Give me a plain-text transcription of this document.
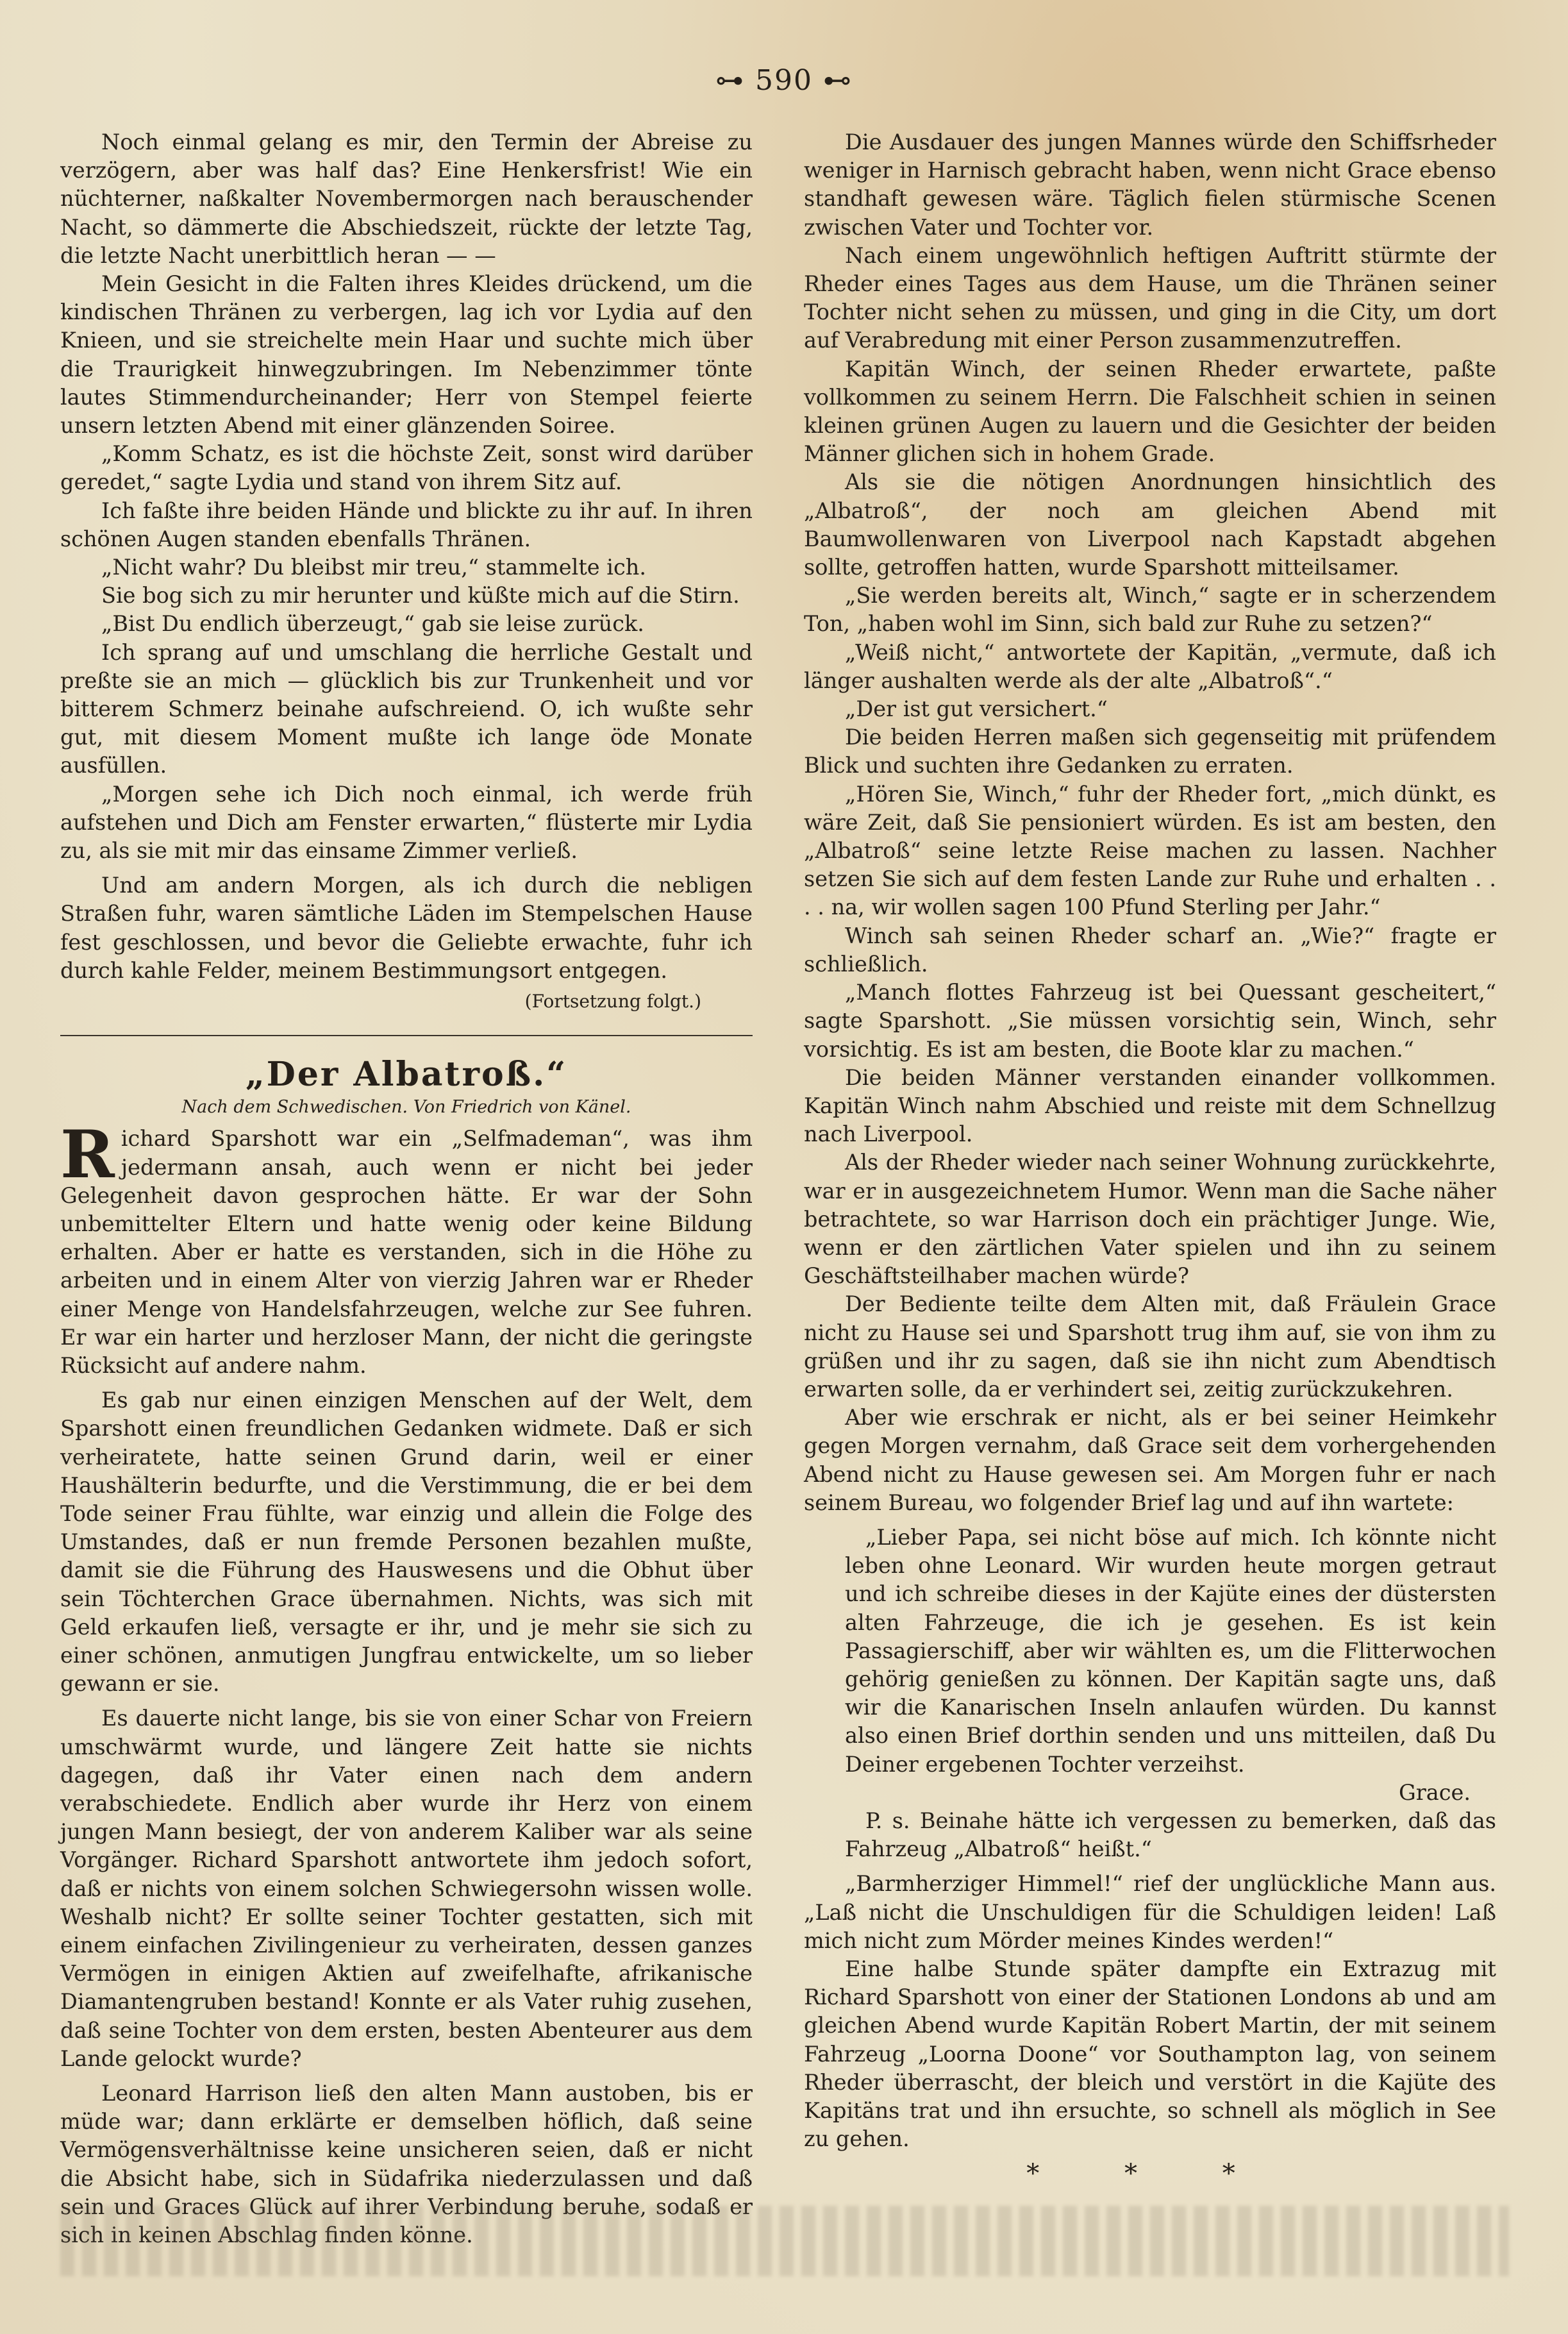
⊶ 590 ⊷

Noch einmal gelang es mir, den Termin der Abreise zu verzögern, aber was half das? Eine Henkersfrist! Wie ein nüchterner, naßkalter Novembermorgen nach berauschender Nacht, so dämmerte die Abschiedszeit, rückte der letzte Tag, die letzte Nacht unerbittlich heran — —

Mein Gesicht in die Falten ihres Kleides drückend, um die kindischen Thränen zu verbergen, lag ich vor Lydia auf den Knieen, und sie streichelte mein Haar und suchte mich über die Traurigkeit hinwegzubringen. Im Nebenzimmer tönte lautes Stimmendurcheinander; Herr von Stempel feierte unsern letzten Abend mit einer glänzenden Soiree.

„Komm Schatz, es ist die höchste Zeit, sonst wird darüber geredet,“ sagte Lydia und stand von ihrem Sitz auf.

Ich faßte ihre beiden Hände und blickte zu ihr auf. In ihren schönen Augen standen ebenfalls Thränen.

„Nicht wahr? Du bleibst mir treu,“ stammelte ich.

Sie bog sich zu mir herunter und küßte mich auf die Stirn.

„Bist Du endlich überzeugt,“ gab sie leise zurück.

Ich sprang auf und umschlang die herrliche Gestalt und preßte sie an mich — glücklich bis zur Trunkenheit und vor bitterem Schmerz beinahe aufschreiend. O, ich wußte sehr gut, mit diesem Moment mußte ich lange öde Monate ausfüllen.

„Morgen sehe ich Dich noch einmal, ich werde früh aufstehen und Dich am Fenster erwarten,“ flüsterte mir Lydia zu, als sie mit mir das einsame Zimmer verließ.

Und am andern Morgen, als ich durch die nebligen Straßen fuhr, waren sämtliche Läden im Stempelschen Hause fest geschlossen, und bevor die Geliebte erwachte, fuhr ich durch kahle Felder, meinem Bestimmungsort entgegen.

(Fortsetzung folgt.)
„Der Albatroß.“
Nach dem Schwedischen. Von Friedrich von Känel.

Richard Sparshott war ein „Selfmademan“, was ihm jedermann ansah, auch wenn er nicht bei jeder Gelegenheit davon gesprochen hätte. Er war der Sohn unbemittelter Eltern und hatte wenig oder keine Bildung erhalten. Aber er hatte es verstanden, sich in die Höhe zu arbeiten und in einem Alter von vierzig Jahren war er Rheder einer Menge von Handelsfahrzeugen, welche zur See fuhren. Er war ein harter und herzloser Mann, der nicht die geringste Rücksicht auf andere nahm.

Es gab nur einen einzigen Menschen auf der Welt, dem Sparshott einen freundlichen Gedanken widmete. Daß er sich verheiratete, hatte seinen Grund darin, weil er einer Haushälterin bedurfte, und die Verstimmung, die er bei dem Tode seiner Frau fühlte, war einzig und allein die Folge des Umstandes, daß er nun fremde Personen bezahlen mußte, damit sie die Führung des Hauswesens und die Obhut über sein Töchterchen Grace übernahmen. Nichts, was sich mit Geld erkaufen ließ, versagte er ihr, und je mehr sie sich zu einer schönen, anmutigen Jungfrau entwickelte, um so lieber gewann er sie.

Es dauerte nicht lange, bis sie von einer Schar von Freiern umschwärmt wurde, und längere Zeit hatte sie nichts dagegen, daß ihr Vater einen nach dem andern verabschiedete. Endlich aber wurde ihr Herz von einem jungen Mann besiegt, der von anderem Kaliber war als seine Vorgänger. Richard Sparshott antwortete ihm jedoch sofort, daß er nichts von einem solchen Schwiegersohn wissen wolle. Weshalb nicht? Er sollte seiner Tochter gestatten, sich mit einem einfachen Zivilingenieur zu verheiraten, dessen ganzes Vermögen in einigen Aktien auf zweifelhafte, afrikanische Diamantengruben bestand! Konnte er als Vater ruhig zusehen, daß seine Tochter von dem ersten, besten Abenteurer aus dem Lande gelockt wurde?

Leonard Harrison ließ den alten Mann austoben, bis er müde war; dann erklärte er demselben höflich, daß seine Vermögensverhältnisse keine unsicheren seien, daß er nicht die Absicht habe, sich in Südafrika niederzulassen und daß sein und Graces Glück auf ihrer Verbindung beruhe, sodaß er sich in keinen Abschlag finden könne.

Die Ausdauer des jungen Mannes würde den Schiffsrheder weniger in Harnisch gebracht haben, wenn nicht Grace ebenso standhaft gewesen wäre. Täglich fielen stürmische Scenen zwischen Vater und Tochter vor.

Nach einem ungewöhnlich heftigen Auftritt stürmte der Rheder eines Tages aus dem Hause, um die Thränen seiner Tochter nicht sehen zu müssen, und ging in die City, um dort auf Verabredung mit einer Person zusammenzutreffen.

Kapitän Winch, der seinen Rheder erwartete, paßte vollkommen zu seinem Herrn. Die Falschheit schien in seinen kleinen grünen Augen zu lauern und die Gesichter der beiden Männer glichen sich in hohem Grade.

Als sie die nötigen Anordnungen hinsichtlich des „Albatroß“, der noch am gleichen Abend mit Baumwollenwaren von Liverpool nach Kapstadt abgehen sollte, getroffen hatten, wurde Sparshott mitteilsamer.

„Sie werden bereits alt, Winch,“ sagte er in scherzendem Ton, „haben wohl im Sinn, sich bald zur Ruhe zu setzen?“

„Weiß nicht,“ antwortete der Kapitän, „vermute, daß ich länger aushalten werde als der alte „Albatroß“.“

„Der ist gut versichert.“

Die beiden Herren maßen sich gegenseitig mit prüfendem Blick und suchten ihre Gedanken zu erraten.

„Hören Sie, Winch,“ fuhr der Rheder fort, „mich dünkt, es wäre Zeit, daß Sie pensioniert würden. Es ist am besten, den „Albatroß“ seine letzte Reise machen zu lassen. Nachher setzen Sie sich auf dem festen Lande zur Ruhe und erhalten . . . . na, wir wollen sagen 100 Pfund Sterling per Jahr.“

Winch sah seinen Rheder scharf an. „Wie?“ fragte er schließlich.

„Manch flottes Fahrzeug ist bei Quessant gescheitert,“ sagte Sparshott. „Sie müssen vorsichtig sein, Winch, sehr vorsichtig. Es ist am besten, die Boote klar zu machen.“

Die beiden Männer verstanden einander vollkommen. Kapitän Winch nahm Abschied und reiste mit dem Schnellzug nach Liverpool.

Als der Rheder wieder nach seiner Wohnung zurückkehrte, war er in ausgezeichnetem Humor. Wenn man die Sache näher betrachtete, so war Harrison doch ein prächtiger Junge. Wie, wenn er den zärtlichen Vater spielen und ihn zu seinem Geschäftsteilhaber machen würde?

Der Bediente teilte dem Alten mit, daß Fräulein Grace nicht zu Hause sei und Sparshott trug ihm auf, sie von ihm zu grüßen und ihr zu sagen, daß sie ihn nicht zum Abendtisch erwarten solle, da er verhindert sei, zeitig zurückzukehren.

Aber wie erschrak er nicht, als er bei seiner Heimkehr gegen Morgen vernahm, daß Grace seit dem vorhergehenden Abend nicht zu Hause gewesen sei. Am Morgen fuhr er nach seinem Bureau, wo folgender Brief lag und auf ihn wartete:

„Lieber Papa, sei nicht böse auf mich. Ich könnte nicht leben ohne Leonard. Wir wurden heute morgen getraut und ich schreibe dieses in der Kajüte eines der düstersten alten Fahrzeuge, die ich je gesehen. Es ist kein Passagierschiff, aber wir wählten es, um die Flitterwochen gehörig genießen zu können. Der Kapitän sagte uns, daß wir die Kanarischen Inseln anlaufen würden. Du kannst also einen Brief dorthin senden und uns mitteilen, daß Du Deiner ergebenen Tochter verzeihst.

Grace.

P. s. Beinahe hätte ich vergessen zu bemerken, daß das Fahrzeug „Albatroß“ heißt.“

„Barmherziger Himmel!“ rief der unglückliche Mann aus. „Laß nicht die Unschuldigen für die Schuldigen leiden! Laß mich nicht zum Mörder meines Kindes werden!“

Eine halbe Stunde später dampfte ein Extrazug mit Richard Sparshott von einer der Stationen Londons ab und am gleichen Abend wurde Kapitän Robert Martin, der mit seinem Fahrzeug „Loorna Doone“ vor Southampton lag, von seinem Rheder überrascht, der bleich und verstört in die Kajüte des Kapitäns trat und ihn ersuchte, so schnell als möglich in See zu gehen.

* * *
